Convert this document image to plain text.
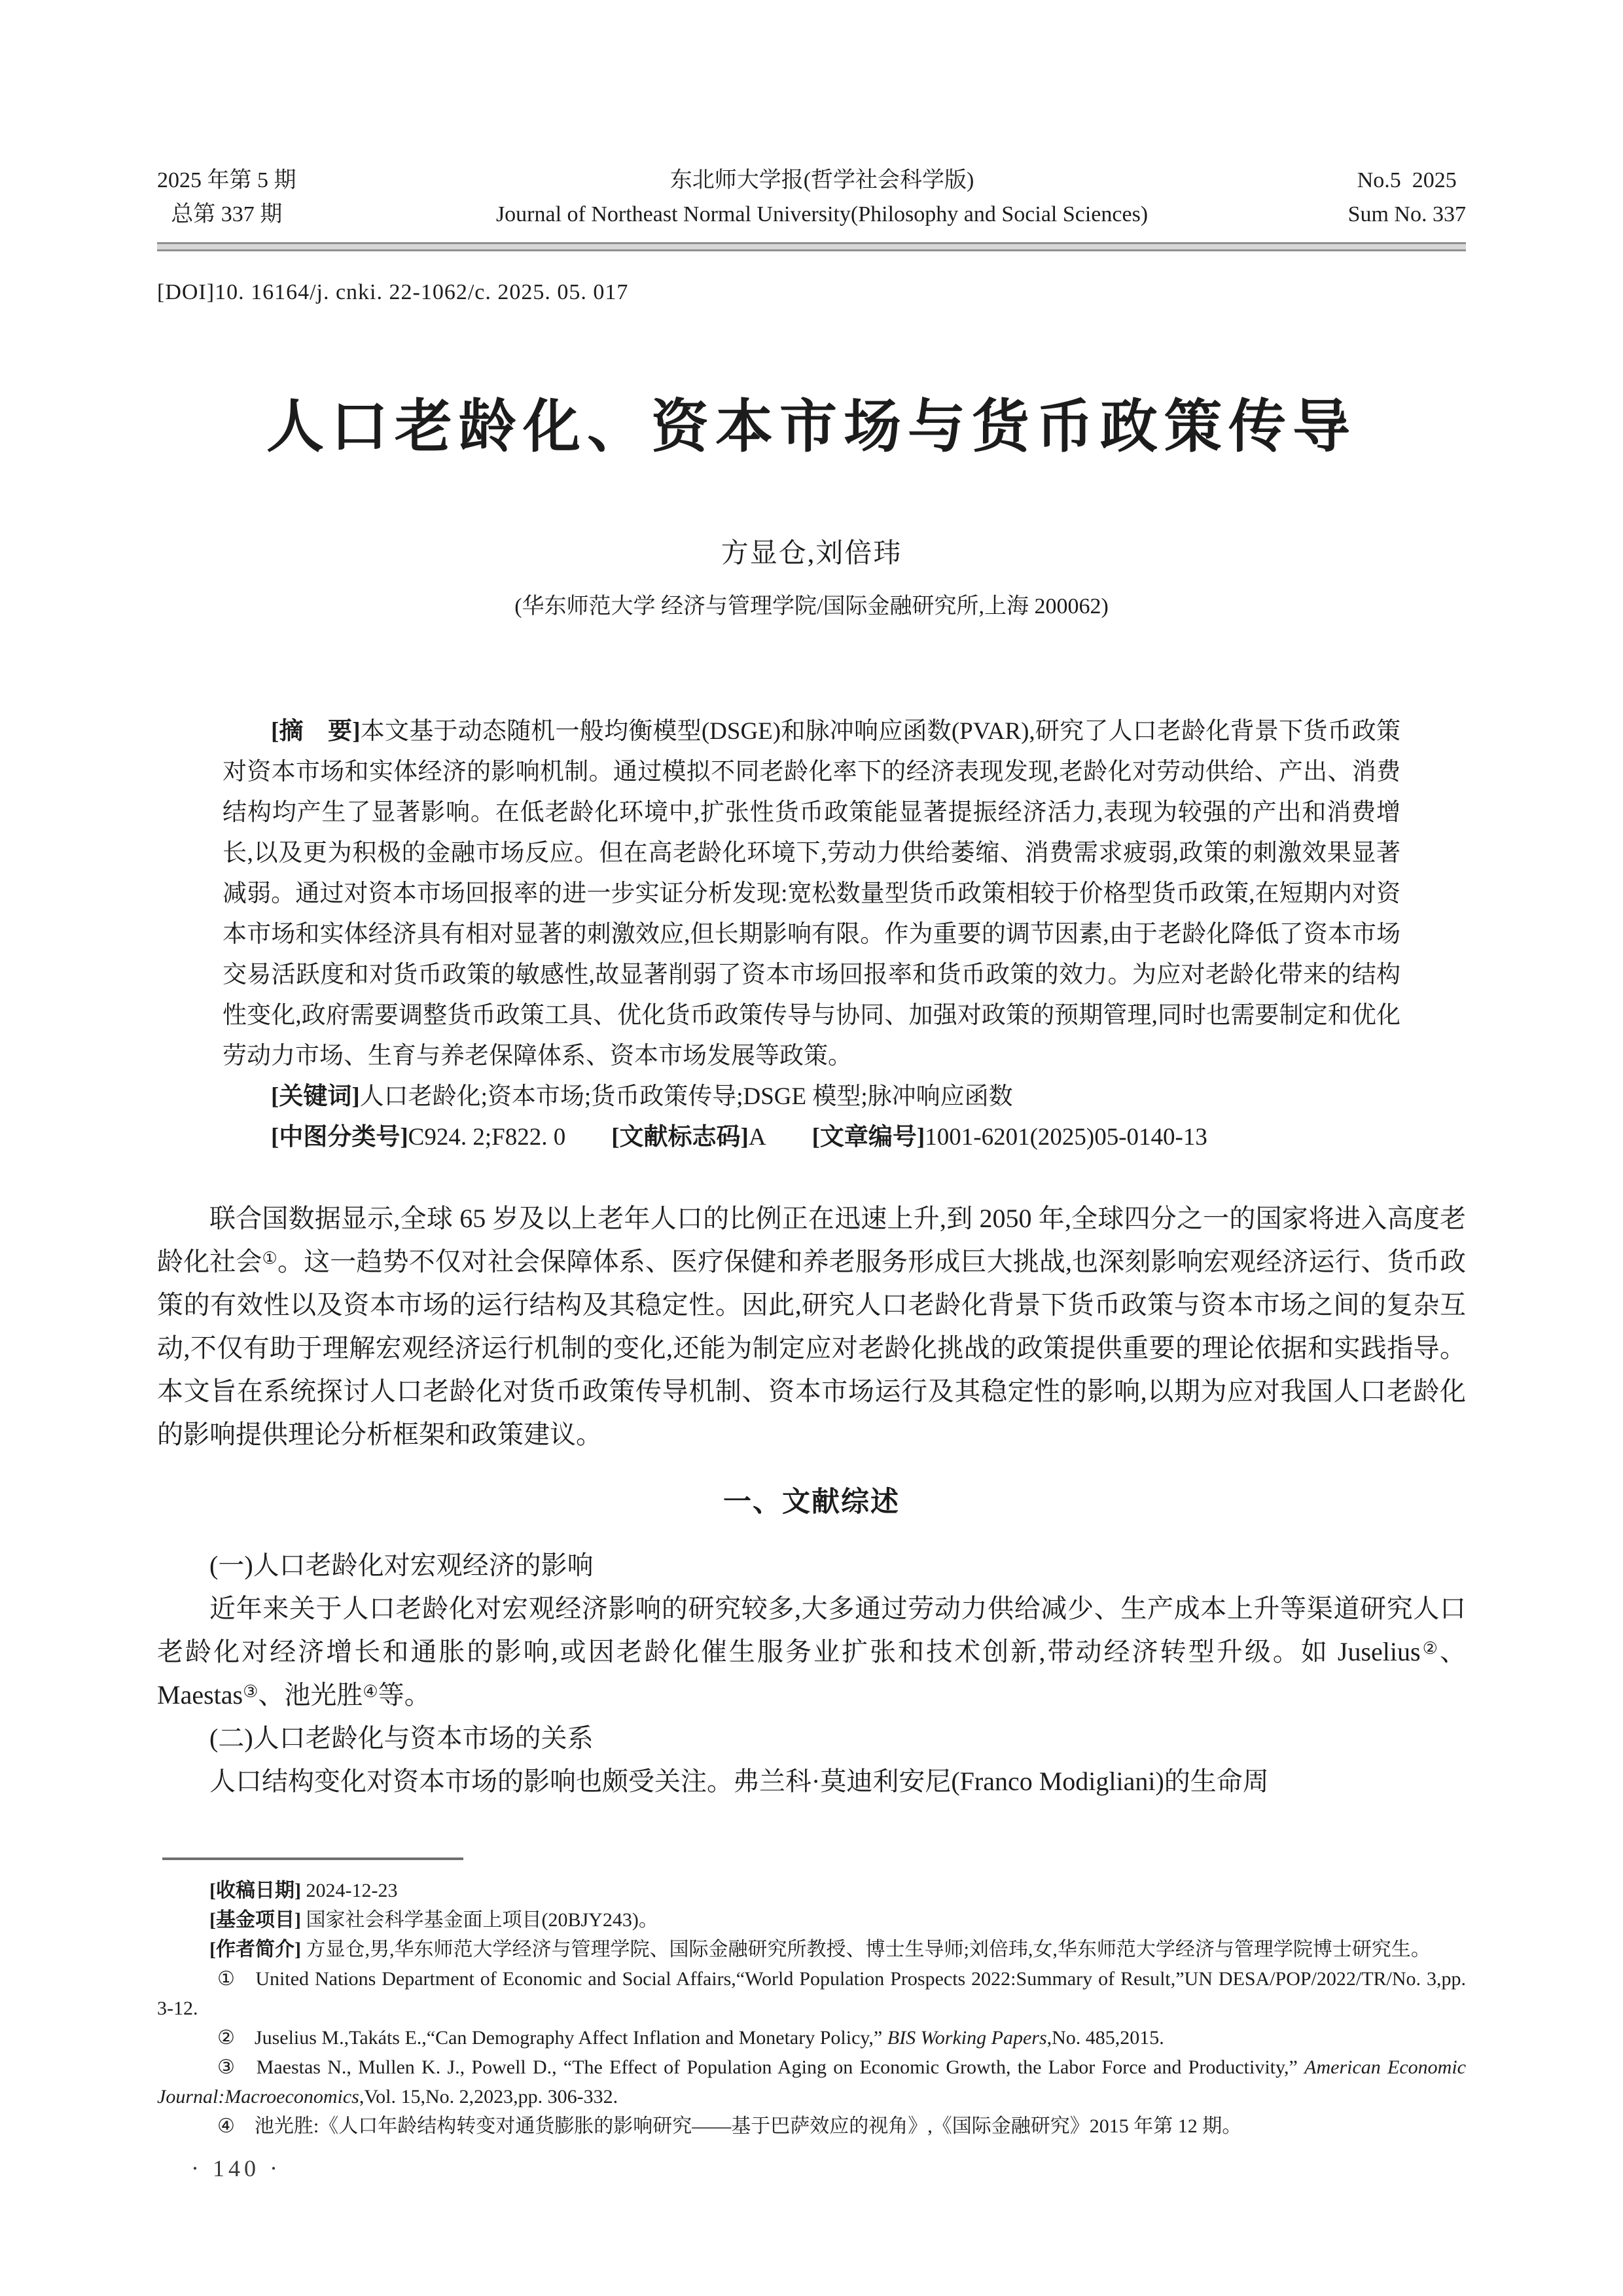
2025 年第 5 期
总第 337 期
东北师大学报(哲学社会科学版)
Journal of Northeast Normal University(Philosophy and Social Sciences)
No.5  2025
Sum No. 337
[DOI]10. 16164/j. cnki. 22-1062/c. 2025. 05. 017
人口老龄化、资本市场与货币政策传导
方显仓,刘倍玮
(华东师范大学 经济与管理学院/国际金融研究所,上海 200062)

[摘　要]本文基于动态随机一般均衡模型(DSGE)和脉冲响应函数(PVAR),研究了人口老龄化背景下货币政策对资本市场和实体经济的影响机制。通过模拟不同老龄化率下的经济表现发现,老龄化对劳动供给、产出、消费结构均产生了显著影响。在低老龄化环境中,扩张性货币政策能显著提振经济活力,表现为较强的产出和消费增长,以及更为积极的金融市场反应。但在高老龄化环境下,劳动力供给萎缩、消费需求疲弱,政策的刺激效果显著减弱。通过对资本市场回报率的进一步实证分析发现:宽松数量型货币政策相较于价格型货币政策,在短期内对资本市场和实体经济具有相对显著的刺激效应,但长期影响有限。作为重要的调节因素,由于老龄化降低了资本市场交易活跃度和对货币政策的敏感性,故显著削弱了资本市场回报率和货币政策的效力。为应对老龄化带来的结构性变化,政府需要调整货币政策工具、优化货币政策传导与协同、加强对政策的预期管理,同时也需要制定和优化劳动力市场、生育与养老保障体系、资本市场发展等政策。

[关键词]人口老龄化;资本市场;货币政策传导;DSGE 模型;脉冲响应函数

[中图分类号]C924. 2;F822. 0 [文献标志码]A [文章编号]1001-6201(2025)05-0140-13

联合国数据显示,全球 65 岁及以上老年人口的比例正在迅速上升,到 2050 年,全球四分之一的国家将进入高度老龄化社会①。这一趋势不仅对社会保障体系、医疗保健和养老服务形成巨大挑战,也深刻影响宏观经济运行、货币政策的有效性以及资本市场的运行结构及其稳定性。因此,研究人口老龄化背景下货币政策与资本市场之间的复杂互动,不仅有助于理解宏观经济运行机制的变化,还能为制定应对老龄化挑战的政策提供重要的理论依据和实践指导。本文旨在系统探讨人口老龄化对货币政策传导机制、资本市场运行及其稳定性的影响,以期为应对我国人口老龄化的影响提供理论分析框架和政策建议。

一、文献综述

(一)人口老龄化对宏观经济的影响

近年来关于人口老龄化对宏观经济影响的研究较多,大多通过劳动力供给减少、生产成本上升等渠道研究人口老龄化对经济增长和通胀的影响,或因老龄化催生服务业扩张和技术创新,带动经济转型升级。如 Juselius②、Maestas③、池光胜④等。

(二)人口老龄化与资本市场的关系

人口结构变化对资本市场的影响也颇受关注。弗兰科·莫迪利安尼(Franco Modigliani)的生命周

[收稿日期] 2024-12-23

[基金项目] 国家社会科学基金面上项目(20BJY243)。

[作者简介] 方显仓,男,华东师范大学经济与管理学院、国际金融研究所教授、博士生导师;刘倍玮,女,华东师范大学经济与管理学院博士研究生。

① United Nations Department of Economic and Social Affairs,“World Population Prospects 2022:Summary of Result,”UN DESA/POP/2022/TR/No. 3,pp. 3-12.

② Juselius M.,Takáts E.,“Can Demography Affect Inflation and Monetary Policy,” BIS Working Papers,No. 485,2015.

③ Maestas N., Mullen K. J., Powell D., “The Effect of Population Aging on Economic Growth, the Labor Force and Productivity,” American Economic Journal:Macroeconomics,Vol. 15,No. 2,2023,pp. 306-332.

④ 池光胜:《人口年龄结构转变对通货膨胀的影响研究——基于巴萨效应的视角》,《国际金融研究》2015 年第 12 期。

· 140 ·
